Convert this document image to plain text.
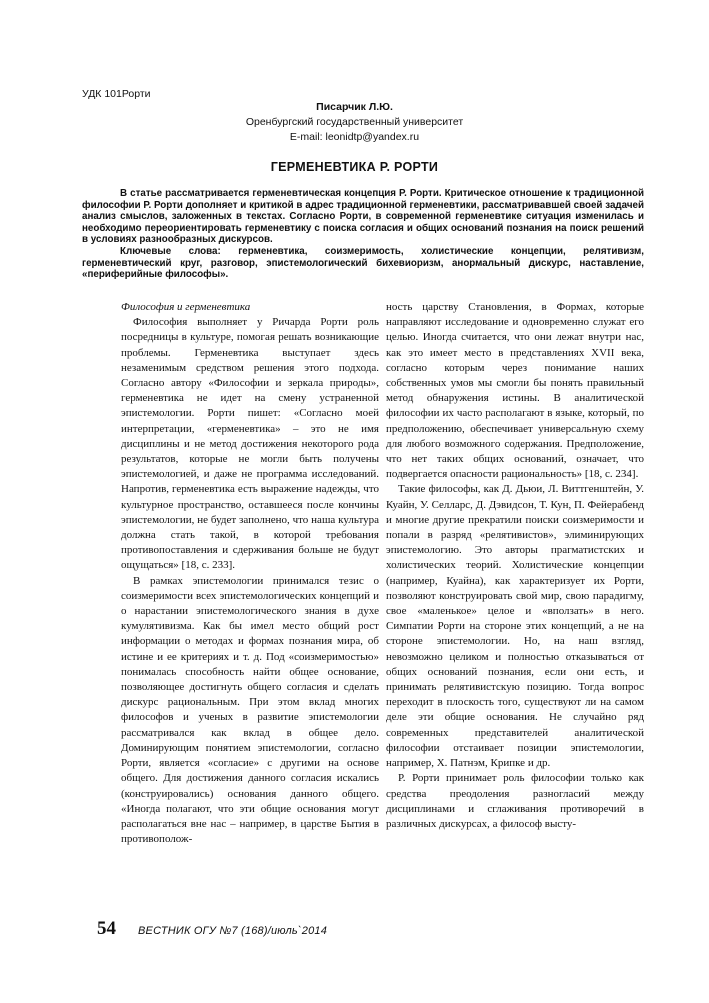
УДК 101Рорти
Писарчик Л.Ю.
Оренбургский государственный университет
E-mail: leonidtp@yandex.ru
ГЕРМЕНЕВТИКА Р. РОРТИ

В статье рассматривается герменевтическая концепция Р. Рорти. Критическое отношение к традиционной философии Р. Рорти дополняет и критикой в адрес традиционной герменевтики, рассматривавшей своей задачей анализ смыслов, заложенных в текстах. Согласно Рорти, в современной герменевтике ситуация изменилась и необходимо переориентировать герменевтику с поиска согласия и общих оснований познания на поиск решений в условиях разнообразных дискурсов.

Ключевые слова: герменевтика, соизмеримость, холистические концепции, релятивизм, герменевтический круг, разговор, эпистемологический бихевиоризм, анормальный дискурс, наставление, «периферийные философы».

Философия и герменевтика

Философия выполняет у Ричарда Рорти роль посредницы в культуре, помогая решать возникающие проблемы. Герменевтика выступает здесь незаменимым средством решения этого подхода. Согласно автору «Философии и зеркала природы», герменевтика не идет на смену устраненной эпистемологии. Рорти пишет: «Согласно моей интерпретации, «герменевтика» – это не имя дисциплины и не метод достижения некоторого рода результатов, которые не могли быть получены эпистемологией, и даже не программа исследований. Напротив, герменевтика есть выражение надежды, что культурное пространство, оставшееся после кончины эпистемологии, не будет заполнено, что наша культура должна стать такой, в которой требования противопоставления и сдерживания больше не будут ощущаться» [18, с. 233].

В рамках эпистемологии принимался тезис о соизмеримости всех эпистемологических концепций и о нарастании эпистемологического знания в духе кумулятивизма. Как бы имел место общий рост информации о методах и формах познания мира, об истине и ее критериях и т. д. Под «соизмеримостью» понималась способность найти общее основание, позволяющее достигнуть общего согласия и сделать дискурс рациональным. При этом вклад многих философов и ученых в развитие эпистемологии рассматривался как вклад в общее дело. Доминирующим понятием эпистемологии, согласно Рорти, является «согласие» с другими на основе общего. Для достижения данного согласия искались (конструировались) основания данного общего. «Иногда полагают, что эти общие основания могут располагаться вне нас – например, в царстве Бытия в противополож-

ность царству Становления, в Формах, которые направляют исследование и одновременно служат его целью. Иногда считается, что они лежат внутри нас, как это имеет место в представлениях XVII века, согласно которым через понимание наших собственных умов мы смогли бы понять правильный метод обнаружения истины. В аналитической философии их часто располагают в языке, который, по предположению, обеспечивает универсальную схему для любого возможного содержания. Предположение, что нет таких общих оснований, означает, что подвергается опасности рациональность» [18, с. 234].

Такие философы, как Д. Дьюи, Л. Виттгенштейн, У. Куайн, У. Селларс, Д. Дэвидсон, Т. Кун, П. Фейерабенд и многие другие прекратили поиски соизмеримости и попали в разряд «релятивистов», элиминирующих эпистемологию. Это авторы прагматистских и холистических теорий. Холистические концепции (например, Куайна), как характеризует их Рорти, позволяют конструировать свой мир, свою парадигму, свое «маленькое» целое и «вползать» в него. Симпатии Рорти на стороне этих концепций, а не на стороне эпистемологии. Но, на наш взгляд, невозможно целиком и полностью отказываться от общих оснований познания, если они есть, и принимать релятивистскую позицию. Тогда вопрос переходит в плоскость того, существуют ли на самом деле эти общие основания. Не случайно ряд современных представителей аналитической философии отстаивает позиции эпистемологии, например, Х. Патнэм, Крипке и др.

Р. Рорти принимает роль философии только как средства преодоления разногласий между дисциплинами и сглаживания противоречий в различных дискурсах, а философ высту-

54 ВЕСТНИК ОГУ №7 (168)/июль`2014
